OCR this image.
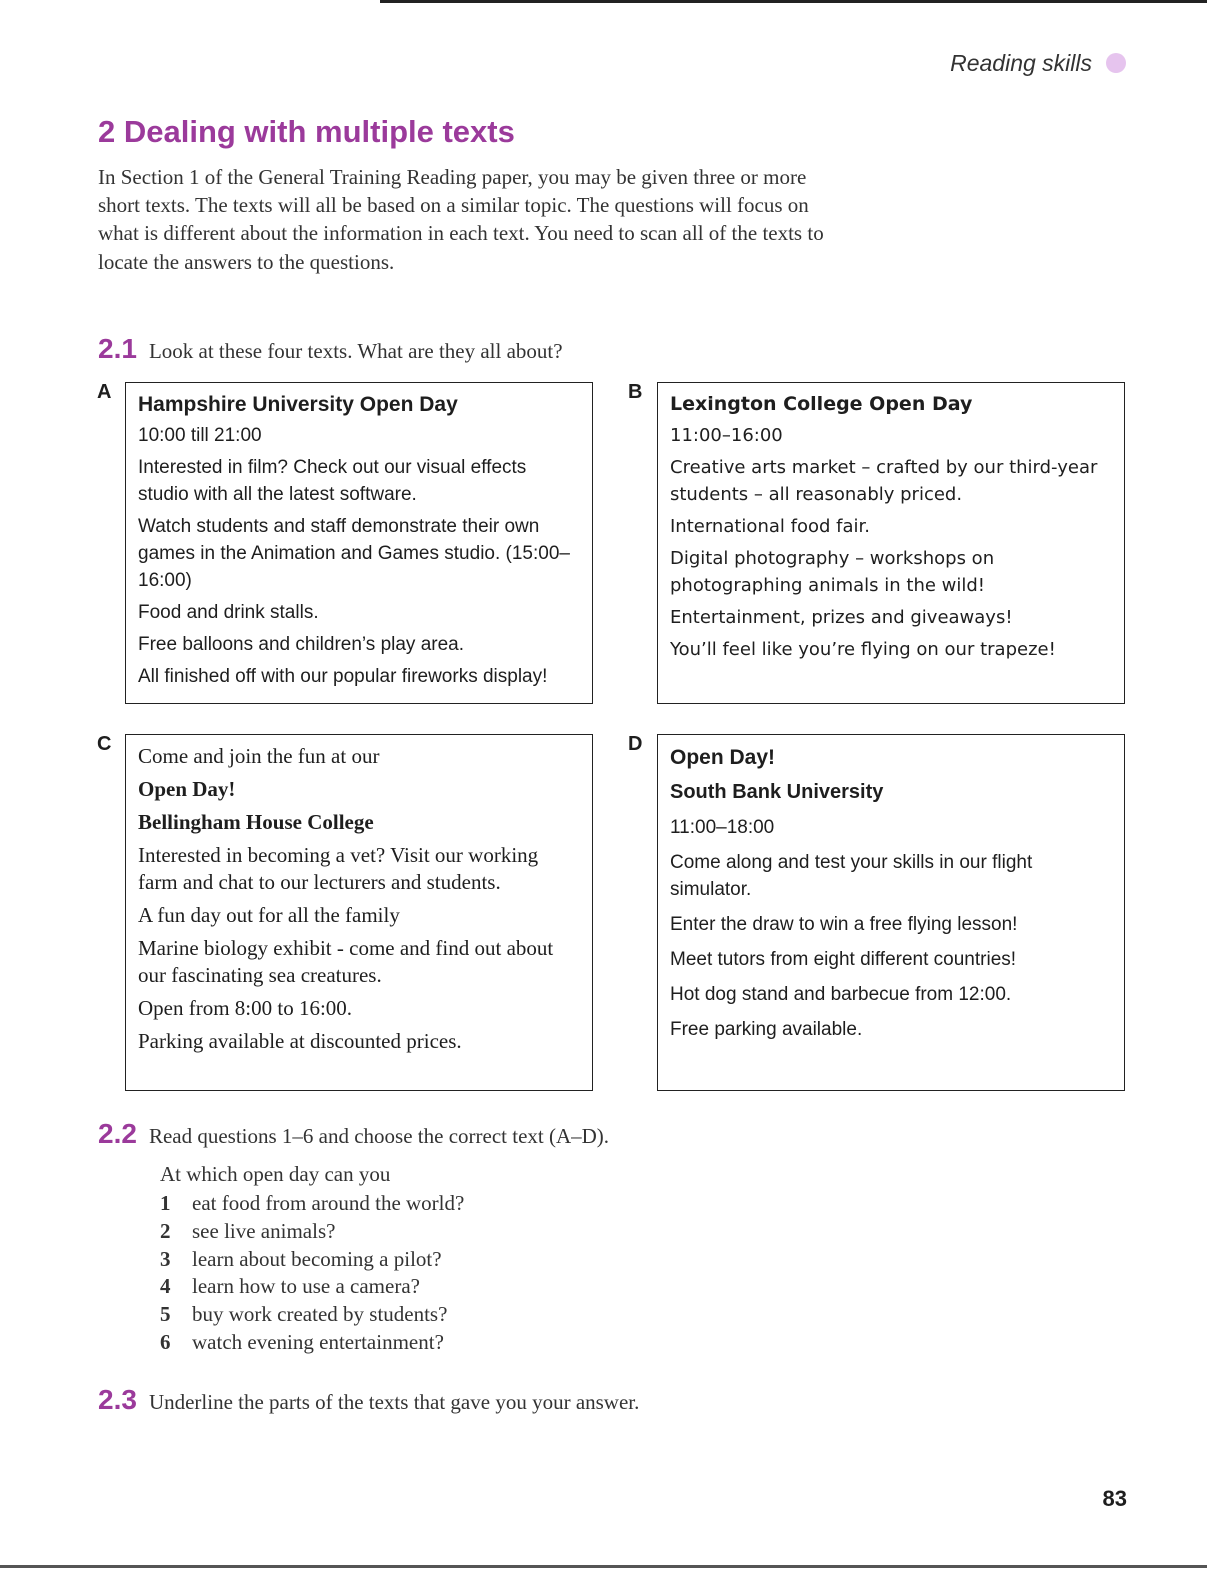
Reading skills
2 Dealing with multiple texts

In Section 1 of the General Training Reading paper, you may be given three or more short texts. The texts will all be based on a similar topic. The questions will focus on what is different about the information in each text. You need to scan all of the texts to locate the answers to the questions.

2.1 Look at these four texts. What are they all about?

A

Hampshire University Open Day

10:00 till 21:00

Interested in film? Check out our visual effects studio with all the latest software.

Watch students and staff demonstrate their own games in the Animation and Games studio. (15:00–16:00)

Food and drink stalls.

Free balloons and children’s play area.

All finished off with our popular fireworks display!

B

Lexington College Open Day

11:00–16:00

Creative arts market – crafted by our third-year students – all reasonably priced.

International food fair.

Digital photography – workshops on photographing animals in the wild!

Entertainment, prizes and giveaways!

You’ll feel like you’re flying on our trapeze!

C Come and join the fun at our

Open Day!

Bellingham House College

Interested in becoming a vet? Visit our working farm and chat to our lecturers and students.

A fun day out for all the family

Marine biology exhibit - come and find out about our fascinating sea creatures.

Open from 8:00 to 16:00.

Parking available at discounted prices.

D

Open Day!

South Bank University

11:00–18:00

Come along and test your skills in our flight simulator.

Enter the draw to win a free flying lesson!

Meet tutors from eight different countries!

Hot dog stand and barbecue from 12:00.

Free parking available.

2.2 Read questions 1–6 and choose the correct text (A–D).

At which open day can you

1	eat food from around the world?
2	see live animals?
3	learn about becoming a pilot?
4	learn how to use a camera?
5	buy work created by students?
6	watch evening entertainment?

2.3 Underline the parts of the texts that gave you your answer.

83
